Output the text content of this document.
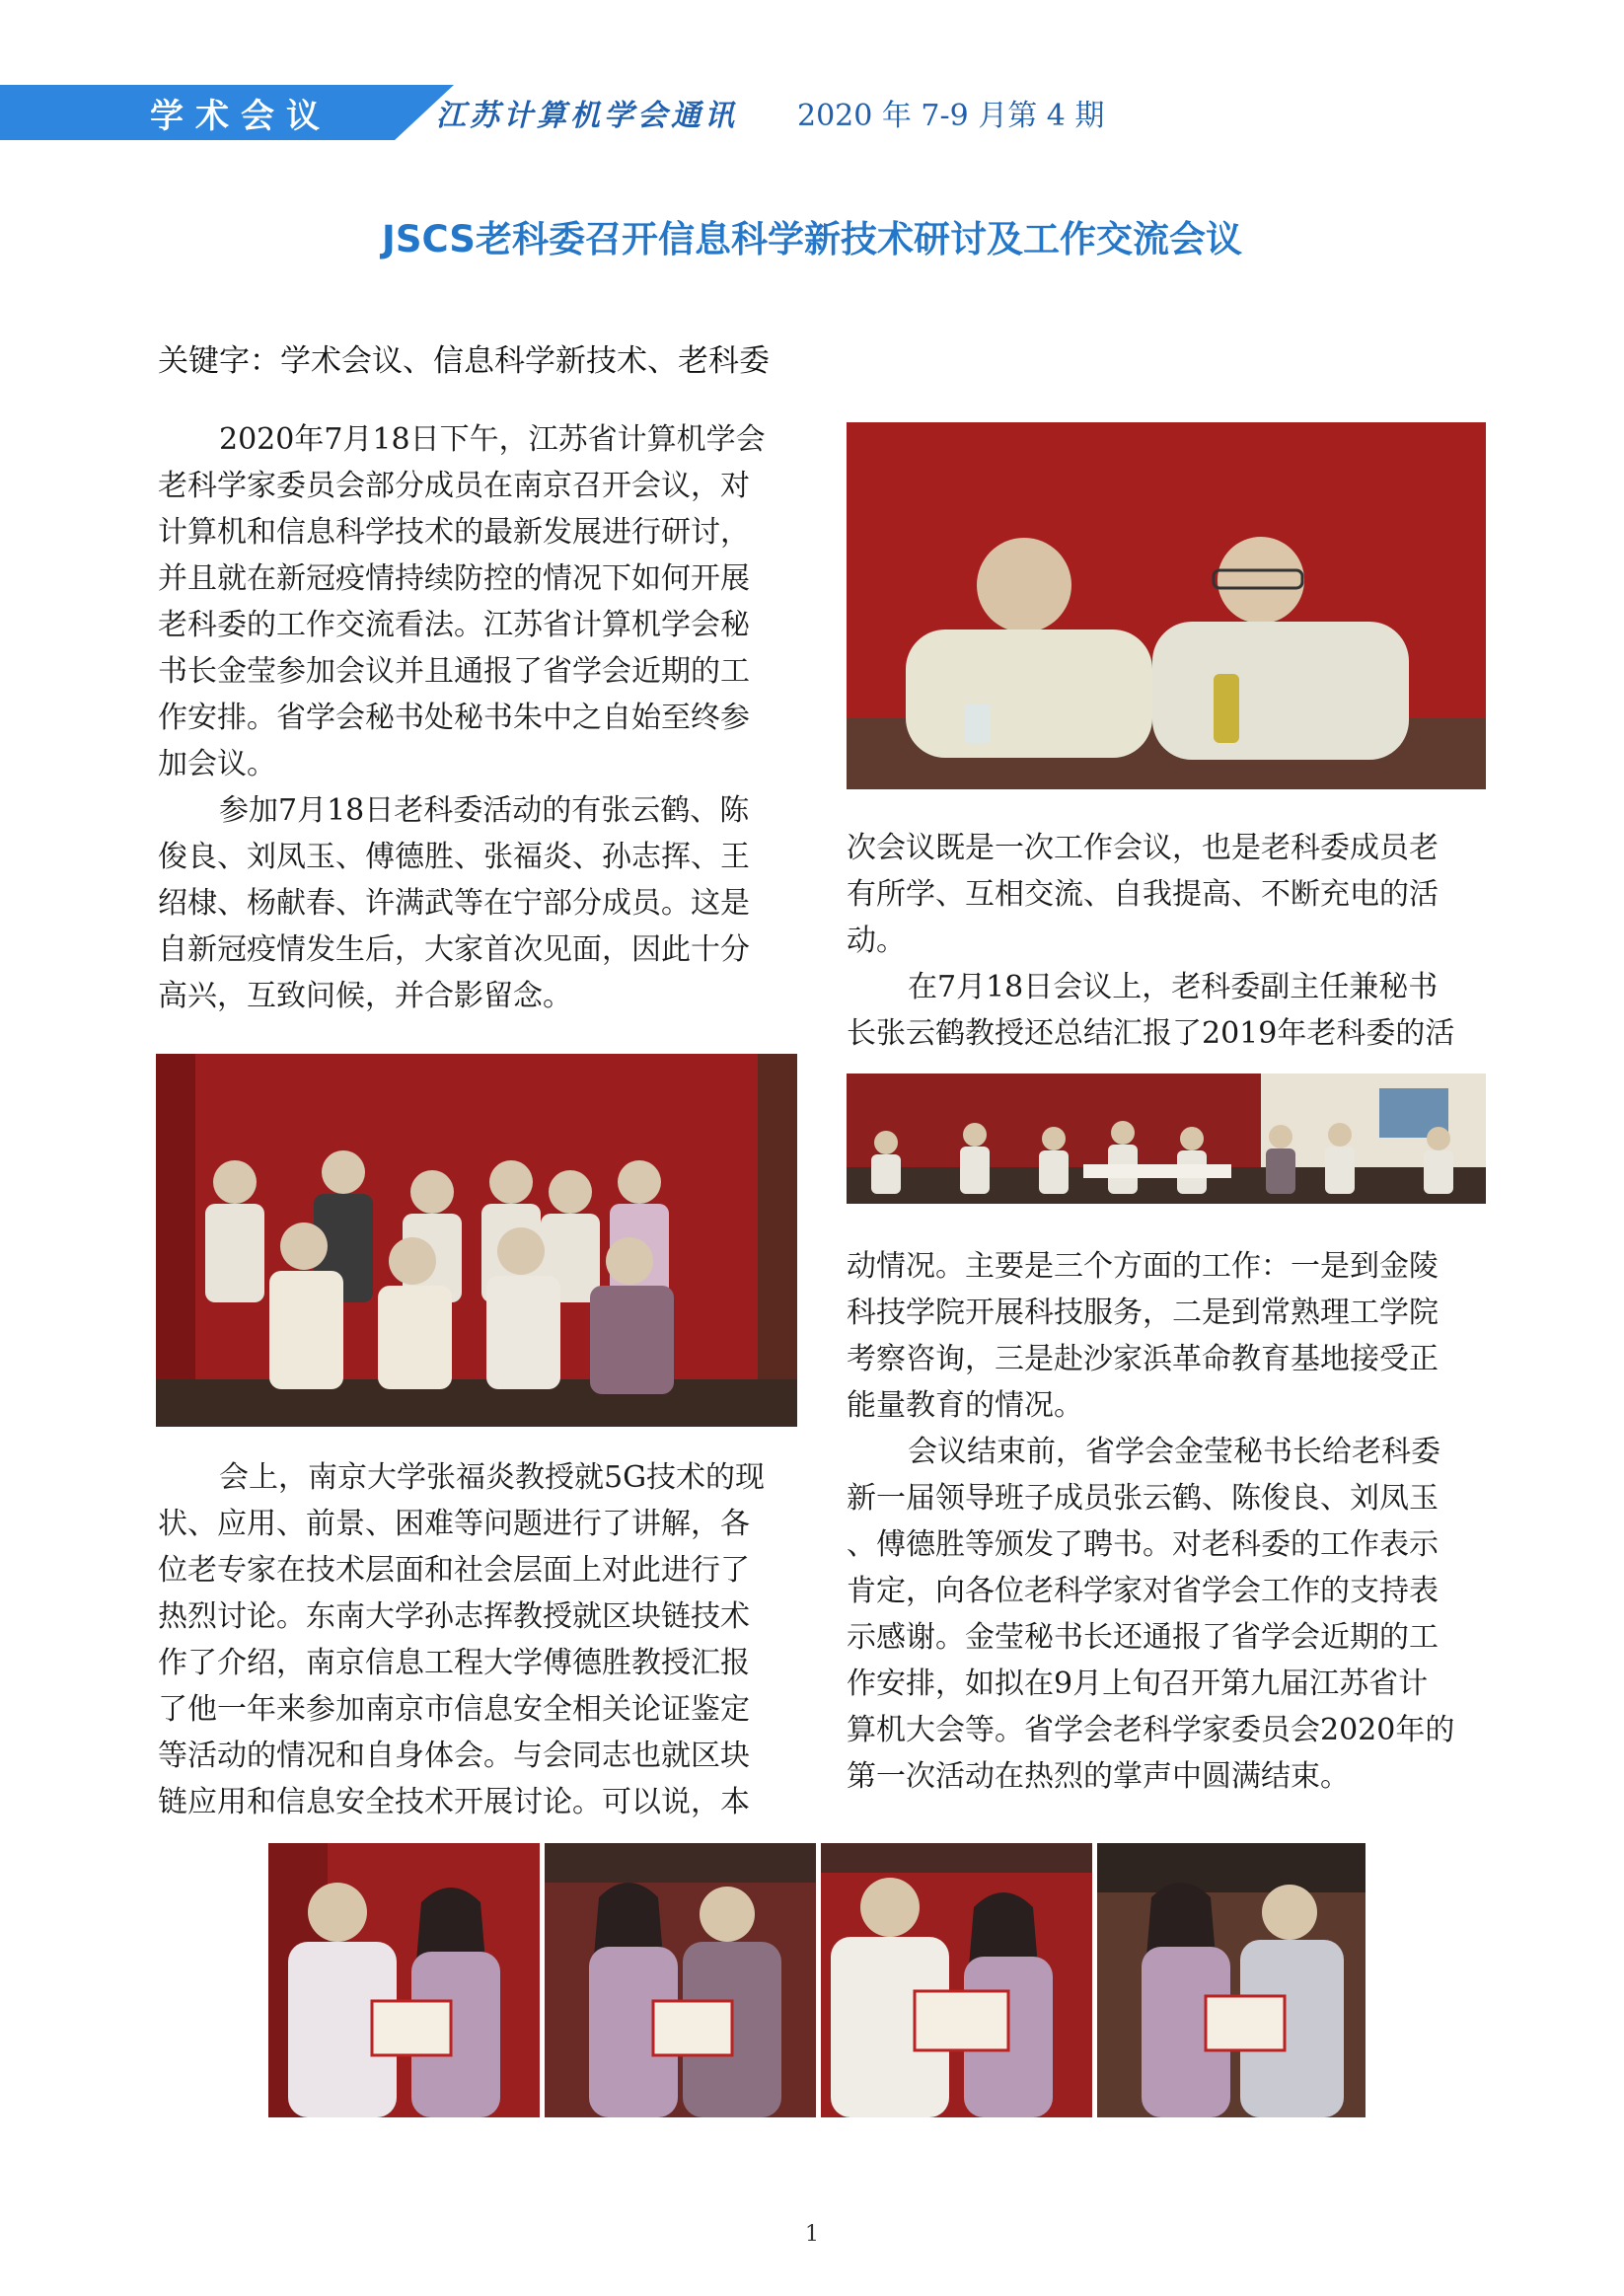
学术会议	江苏计算机学会通讯 2020 年 7-9 月第 4 期
JSCS老科委召开信息科学新技术研讨及工作交流会议
关键字：学术会议、信息科学新技术、老科委
2020年7月18日下午，江苏省计算机学会
老科学家委员会部分成员在南京召开会议，对
计算机和信息科学技术的最新发展进行研讨，
并且就在新冠疫情持续防控的情况下如何开展
老科委的工作交流看法。江苏省计算机学会秘
书长金莹参加会议并且通报了省学会近期的工
作安排。省学会秘书处秘书朱中之自始至终参
加会议。
参加7月18日老科委活动的有张云鹤、陈
俊良、刘凤玉、傅德胜、张福炎、孙志挥、王
绍棣、杨献春、许满武等在宁部分成员。这是
自新冠疫情发生后，大家首次见面，因此十分
高兴，互致问候，并合影留念。
会上，南京大学张福炎教授就5G技术的现
状、应用、前景、困难等问题进行了讲解，各
位老专家在技术层面和社会层面上对此进行了
热烈讨论。东南大学孙志挥教授就区块链技术
作了介绍，南京信息工程大学傅德胜教授汇报
了他一年来参加南京市信息安全相关论证鉴定
等活动的情况和自身体会。与会同志也就区块
链应用和信息安全技术开展讨论。可以说，本
次会议既是一次工作会议，也是老科委成员老
有所学、互相交流、自我提高、不断充电的活
动。
在7月18日会议上，老科委副主任兼秘书
长张云鹤教授还总结汇报了2019年老科委的活
动情况。主要是三个方面的工作：一是到金陵
科技学院开展科技服务，二是到常熟理工学院
考察咨询，三是赴沙家浜革命教育基地接受正
能量教育的情况。
会议结束前，省学会金莹秘书长给老科委
新一届领导班子成员张云鹤、陈俊良、刘凤玉
、傅德胜等颁发了聘书。对老科委的工作表示
肯定，向各位老科学家对省学会工作的支持表
示感谢。金莹秘书长还通报了省学会近期的工
作安排，如拟在9月上旬召开第九届江苏省计
算机大会等。省学会老科学家委员会2020年的
第一次活动在热烈的掌声中圆满结束。
1
